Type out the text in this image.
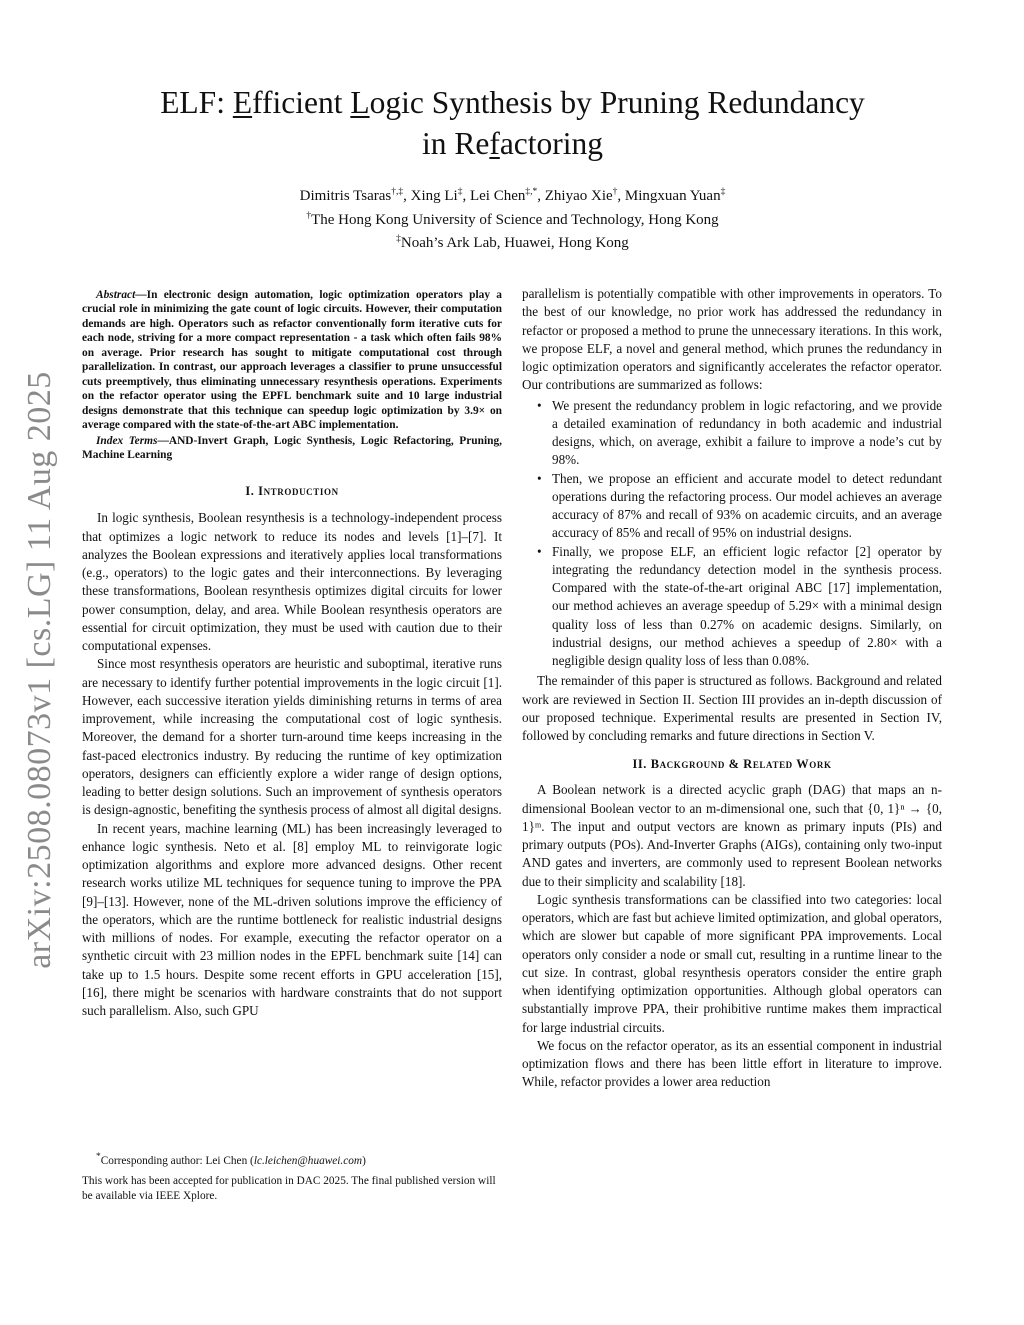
arXiv:2508.08073v1 [cs.LG] 11 Aug 2025
ELF: Efficient Logic Synthesis by Pruning Redundancy
in Refactoring
Dimitris Tsaras†,‡, Xing Li‡, Lei Chen‡,*, Zhiyao Xie†, Mingxuan Yuan‡
†The Hong Kong University of Science and Technology, Hong Kong
‡Noah’s Ark Lab, Huawei, Hong Kong

Abstract—In electronic design automation, logic optimization operators play a crucial role in minimizing the gate count of logic circuits. However, their computation demands are high. Operators such as refactor conventionally form iterative cuts for each node, striving for a more compact representation - a task which often fails 98% on average. Prior research has sought to mitigate computational cost through parallelization. In contrast, our approach leverages a classifier to prune unsuccessful cuts preemptively, thus eliminating unnecessary resynthesis operations. Experiments on the refactor operator using the EPFL benchmark suite and 10 large industrial designs demonstrate that this technique can speedup logic optimization by 3.9× on average compared with the state-of-the-art ABC implementation.

Index Terms—AND-Invert Graph, Logic Synthesis, Logic Refactoring, Pruning, Machine Learning

I. Introduction

In logic synthesis, Boolean resynthesis is a technology-independent process that optimizes a logic network to reduce its nodes and levels [1]–[7]. It analyzes the Boolean expressions and iteratively applies local transformations (e.g., operators) to the logic gates and their interconnections. By leveraging these transformations, Boolean resynthesis optimizes digital circuits for lower power consumption, delay, and area. While Boolean resynthesis operators are essential for circuit optimization, they must be used with caution due to their computational expenses.

Since most resynthesis operators are heuristic and suboptimal, iterative runs are necessary to identify further potential improvements in the logic circuit [1]. However, each successive iteration yields diminishing returns in terms of area improvement, while increasing the computational cost of logic synthesis. Moreover, the demand for a shorter turn-around time keeps increasing in the fast-paced electronics industry. By reducing the runtime of key optimization operators, designers can efficiently explore a wider range of design options, leading to better design solutions. Such an improvement of synthesis operators is design-agnostic, benefiting the synthesis process of almost all digital designs.

In recent years, machine learning (ML) has been increasingly leveraged to enhance logic synthesis. Neto et al. [8] employ ML to reinvigorate logic optimization algorithms and explore more advanced designs. Other recent research works utilize ML techniques for sequence tuning to improve the PPA [9]–[13]. However, none of the ML-driven solutions improve the efficiency of the operators, which are the runtime bottleneck for realistic industrial designs with millions of nodes. For example, executing the refactor operator on a synthetic circuit with 23 million nodes in the EPFL benchmark suite [14] can take up to 1.5 hours. Despite some recent efforts in GPU acceleration [15], [16], there might be scenarios with hardware constraints that do not support such parallelism. Also, such GPU

*Corresponding author: Lei Chen (lc.leichen@huawei.com)
This work has been accepted for publication in DAC 2025. The final published version will be available via IEEE Xplore.

parallelism is potentially compatible with other improvements in operators. To the best of our knowledge, no prior work has addressed the redundancy in refactor or proposed a method to prune the unnecessary iterations. In this work, we propose ELF, a novel and general method, which prunes the redundancy in logic optimization operators and significantly accelerates the refactor operator. Our contributions are summarized as follows:

• We present the redundancy problem in logic refactoring, and we provide a detailed examination of redundancy in both academic and industrial designs, which, on average, exhibit a failure to improve a node’s cut by 98%.
• Then, we propose an efficient and accurate model to detect redundant operations during the refactoring process. Our model achieves an average accuracy of 87% and recall of 93% on academic circuits, and an average accuracy of 85% and recall of 95% on industrial designs.
• Finally, we propose ELF, an efficient logic refactor [2] operator by integrating the redundancy detection model in the synthesis process. Compared with the state-of-the-art original ABC [17] implementation, our method achieves an average speedup of 5.29× with a minimal design quality loss of less than 0.27% on academic designs. Similarly, on industrial designs, our method achieves a speedup of 2.80× with a negligible design quality loss of less than 0.08%.

The remainder of this paper is structured as follows. Background and related work are reviewed in Section II. Section III provides an in-depth discussion of our proposed technique. Experimental results are presented in Section IV, followed by concluding remarks and future directions in Section V.

II. Background & Related Work

A Boolean network is a directed acyclic graph (DAG) that maps an n-dimensional Boolean vector to an m-dimensional one, such that {0, 1}ⁿ → {0, 1}ᵐ. The input and output vectors are known as primary inputs (PIs) and primary outputs (POs). And-Inverter Graphs (AIGs), containing only two-input AND gates and inverters, are commonly used to represent Boolean networks due to their simplicity and scalability [18].

Logic synthesis transformations can be classified into two categories: local operators, which are fast but achieve limited optimization, and global operators, which are slower but capable of more significant PPA improvements. Local operators only consider a node or small cut, resulting in a runtime linear to the cut size. In contrast, global resynthesis operators consider the entire graph when identifying optimization opportunities. Although global operators can substantially improve PPA, their prohibitive runtime makes them impractical for large industrial circuits.

We focus on the refactor operator, as its an essential component in industrial optimization flows and there has been little effort in literature to improve. While, refactor provides a lower area reduction
